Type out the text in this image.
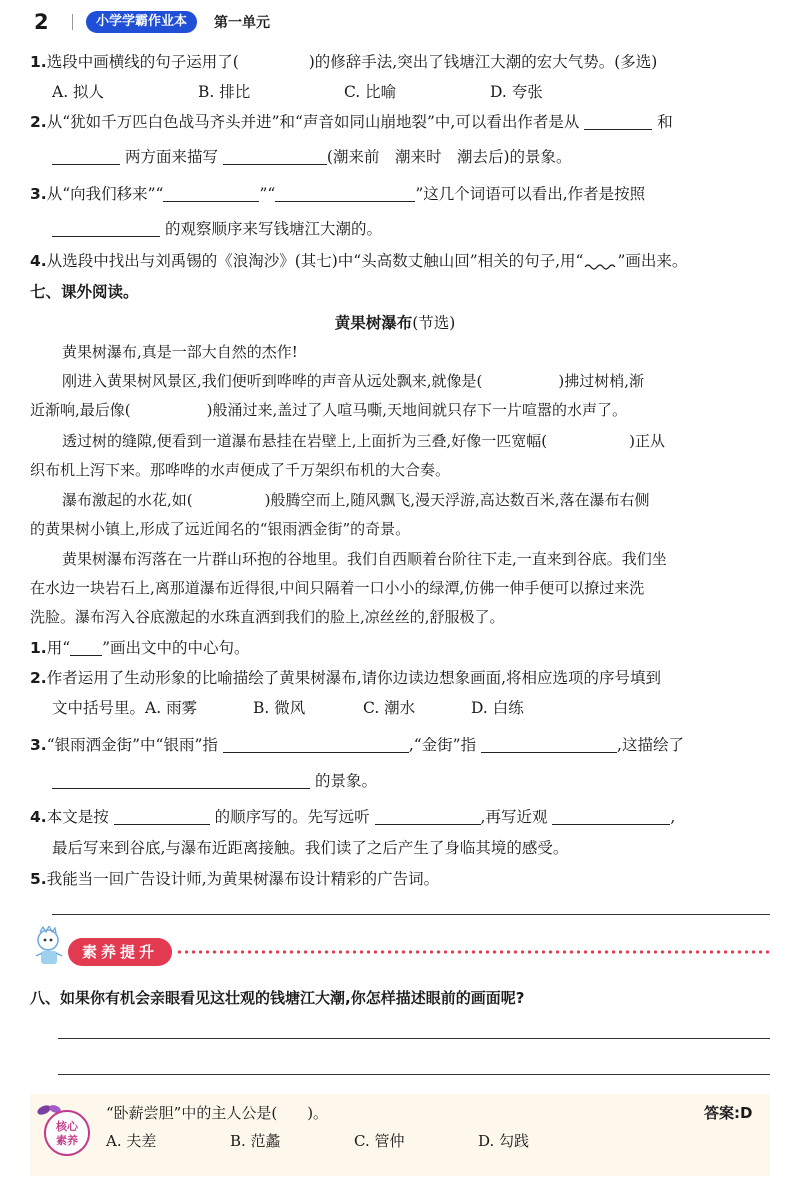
2	小学学霸作业本	第一单元
1.选段中画横线的句子运用了(	)的修辞手法,突出了钱塘江大潮的宏大气势。(多选)
A. 拟人	B. 排比	C. 比喻	D. 夸张
2.从“犹如千万匹白色战马齐头并进”和“声音如同山崩地裂”中,可以看出作者是从	和
两方面来描写	(潮来前　潮来时　潮去后)的景象。
3.从“向我们移来”“	”“	”这几个词语可以看出,作者是按照
的观察顺序来写钱塘江大潮的。
4.从选段中找出与刘禹锡的《浪淘沙》(其七)中“头高数丈触山回”相关的句子,用“ ”画出来。
七、课外阅读。
黄果树瀑布(节选)
黄果树瀑布,真是一部大自然的杰作!
刚进入黄果树风景区,我们便听到哗哗的声音从远处飘来,就像是(	)拂过树梢,渐
近渐响,最后像(	)般涌过来,盖过了人喧马嘶,天地间就只存下一片喧嚣的水声了。
透过树的缝隙,便看到一道瀑布悬挂在岩壁上,上面折为三叠,好像一匹宽幅(	)正从
织布机上泻下来。那哗哗的水声便成了千万架织布机的大合奏。
瀑布激起的水花,如(	)般腾空而上,随风飘飞,漫天浮游,高达数百米,落在瀑布右侧
的黄果树小镇上,形成了远近闻名的“银雨洒金街”的奇景。
黄果树瀑布泻落在一片群山环抱的谷地里。我们自西顺着台阶往下走,一直来到谷底。我们坐
在水边一块岩石上,离那道瀑布近得很,中间只隔着一口小小的绿潭,仿佛一伸手便可以撩过来洗
洗脸。瀑布泻入谷底激起的水珠直洒到我们的脸上,凉丝丝的,舒服极了。
1.用“ ”画出文中的中心句。
2.作者运用了生动形象的比喻描绘了黄果树瀑布,请你边读边想象画面,将相应选项的序号填到
文中括号里。A. 雨雾	B. 微风	C. 潮水	D. 白练
3.“银雨洒金街”中“银雨”指	,“金街”指	,这描绘了
的景象。
4.本文是按	的顺序写的。先写远听	,再写近观	,
最后写来到谷底,与瀑布近距离接触。我们读了之后产生了身临其境的感受。
5.我能当一回广告设计师,为黄果树瀑布设计精彩的广告词。
素养提升
八、如果你有机会亲眼看见这壮观的钱塘江大潮,你怎样描述眼前的画面呢?
核心
素养
“卧薪尝胆”中的主人公是(　　)。	答案:D
A. 夫差	B. 范蠡	C. 管仲	D. 勾践
